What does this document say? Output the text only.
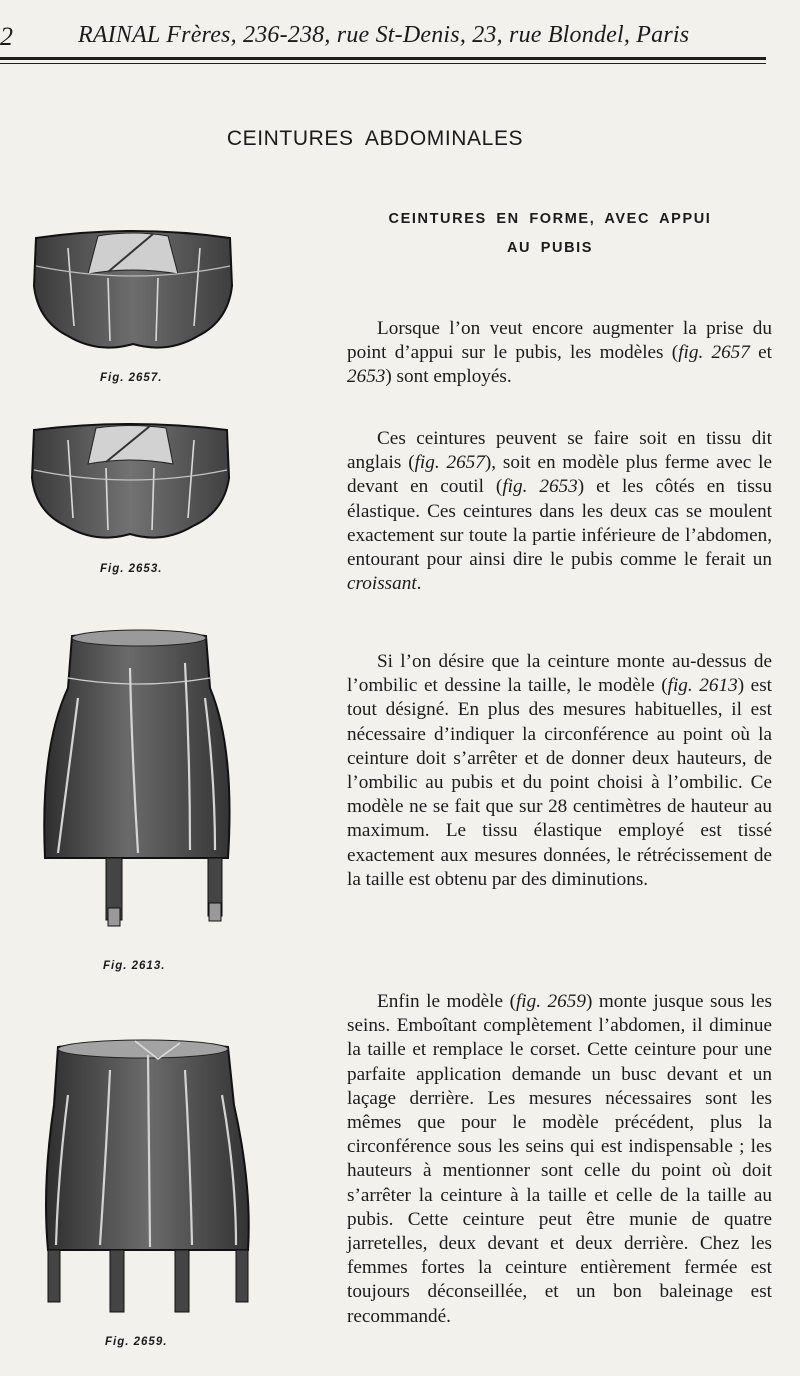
2	RAINAL Frères, 236-238, rue St-Denis, 23, rue Blondel, Paris
CEINTURES ABDOMINALES
CEINTURES EN FORME, AVEC APPUI
AU PUBIS

Lorsque l’on veut encore augmenter la prise du point d’appui sur le pubis, les modèles (fig. 2657 et 2653) sont employés.

Ces ceintures peuvent se faire soit en tissu dit anglais (fig. 2657), soit en modèle plus ferme avec le devant en coutil (fig. 2653) et les côtés en tissu élastique. Ces ceintures dans les deux cas se moulent exactement sur toute la partie inférieure de l’abdomen, entourant pour ainsi dire le pubis comme le ferait un croissant.

Si l’on désire que la ceinture monte au-dessus de l’ombilic et dessine la taille, le modèle (fig. 2613) est tout désigné. En plus des mesures habituelles, il est nécessaire d’indiquer la circonférence au point où la ceinture doit s’arrêter et de donner deux hauteurs, de l’ombilic au pubis et du point choisi à l’ombilic. Ce modèle ne se fait que sur 28 centimètres de hauteur au maximum. Le tissu élastique employé est tissé exactement aux mesures données, le rétrécissement de la taille est obtenu par des diminutions.

Enfin le modèle (fig. 2659) monte jusque sous les seins. Emboîtant complètement l’abdomen, il diminue la taille et remplace le corset. Cette ceinture pour une parfaite application demande un busc devant et un laçage derrière. Les mesures nécessaires sont les mêmes que pour le modèle précédent, plus la circonférence sous les seins qui est indispensable ; les hauteurs à mentionner sont celle du point où doit s’arrêter la ceinture à la taille et celle de la taille au pubis. Cette ceinture peut être munie de quatre jarretelles, deux devant et deux derrière. Chez les femmes fortes la ceinture entièrement fermée est toujours déconseillée, et un bon baleinage est recommandé.

Fig. 2657.
Fig. 2653.
Fig. 2613.
Fig. 2659.
